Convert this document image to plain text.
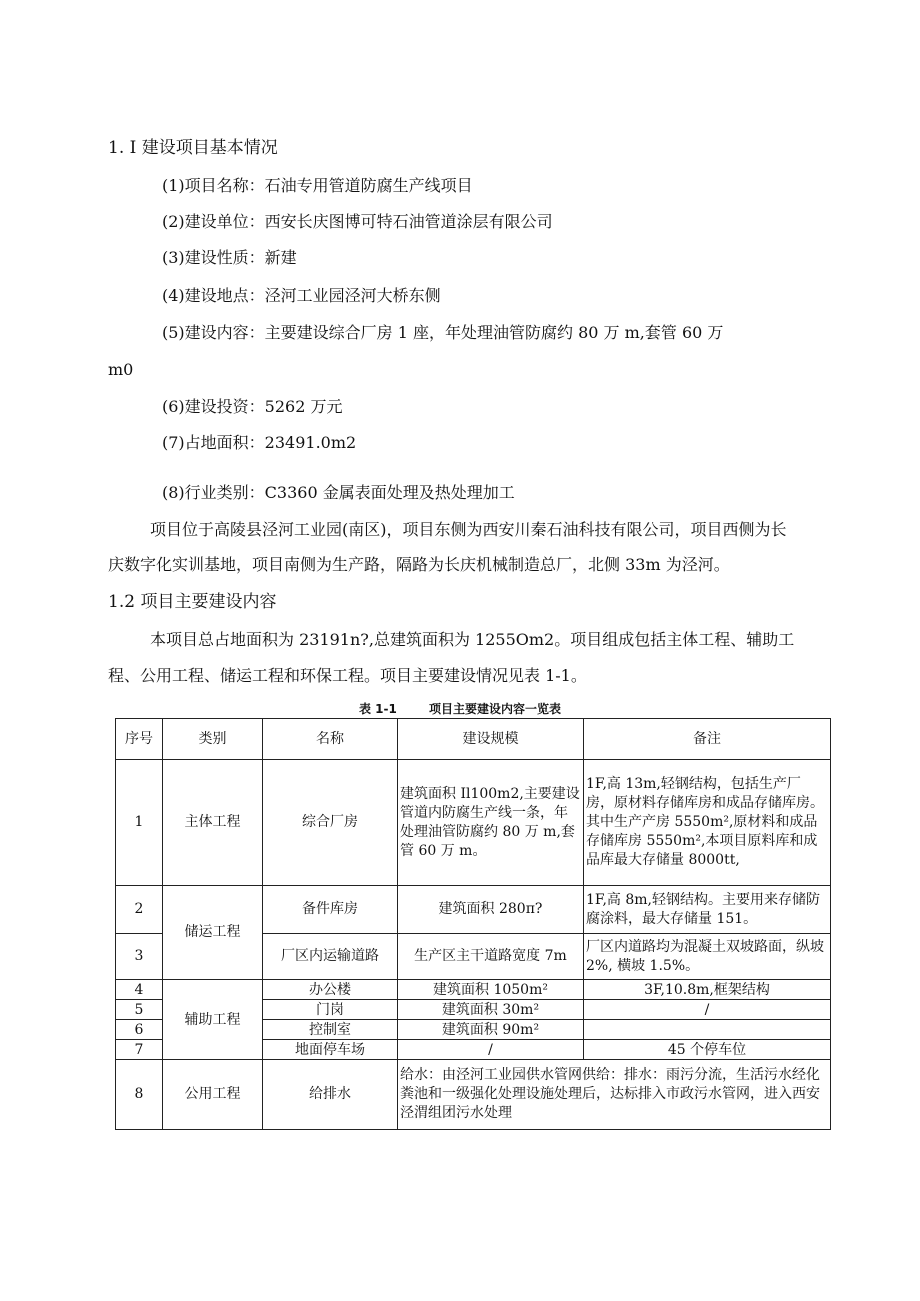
1. I 建设项目基本情况
(1)项目名称：石油专用管道防腐生产线项目
(2)建设单位：西安长庆图博可特石油管道涂层有限公司
(3)建设性质：新建
(4)建设地点：泾河工业园泾河大桥东侧
(5)建设内容：主要建设综合厂房 1 座，年处理油管防腐约 80 万 m,套管 60 万
m0
(6)建设投资：5262 万元
(7)占地面积：23491.0m2
(8)行业类别：C3360 金属表面处理及热处理加工
项目位于高陵县泾河工业园(南区)，项目东侧为西安川秦石油科技有限公司，项目西侧为长
庆数字化实训基地，项目南侧为生产路，隔路为长庆机械制造总厂，北侧 33m 为泾河。
1.2 项目主要建设内容
本项目总占地面积为 23191n?,总建筑面积为 1255Om2。项目组成包括主体工程、辅助工
程、公用工程、储运工程和环保工程。项目主要建设情况见表 1-1。
表 1-1	项目主要建设内容一览表
序号	类别	名称	建设规模	备注
1	主体工程	综合厂房	建筑面积 Il100m2,主要建设管道内防腐生产线一条，年处理油管防腐约 80 万 m,套管 60 万 m。	1F,高 13m,轻钢结构，包括生产厂房，原材料存储库房和成品存储库房。其中生产产房 5550m²,原材料和成品存储库房 5550m²,本项目原料库和成品库最大存储量 8000tt,
2	储运工程	备件库房	建筑面积 280π?	1F,高 8m,轻钢结构。主要用来存储防腐涂料，最大存储量 151。
3		厂区内运输道路	生产区主干道路宽度 7m	厂区内道路均为混凝土双坡路面，纵坡 2%, 横坡 1.5%。
4	辅助工程	办公楼	建筑面积 1050m²	3F,10.8m,框架结构
5		门岗	建筑面积 30m²	/
6		控制室	建筑面积 90m²	
7		地面停车场	/	45 个停车位
8	公用工程	给排水	给水：由泾河工业园供水管网供给：排水：雨污分流，生活污水经化粪池和一级强化处理设施处理后，达标排入市政污水管网，进入西安泾渭组团污水处理	
